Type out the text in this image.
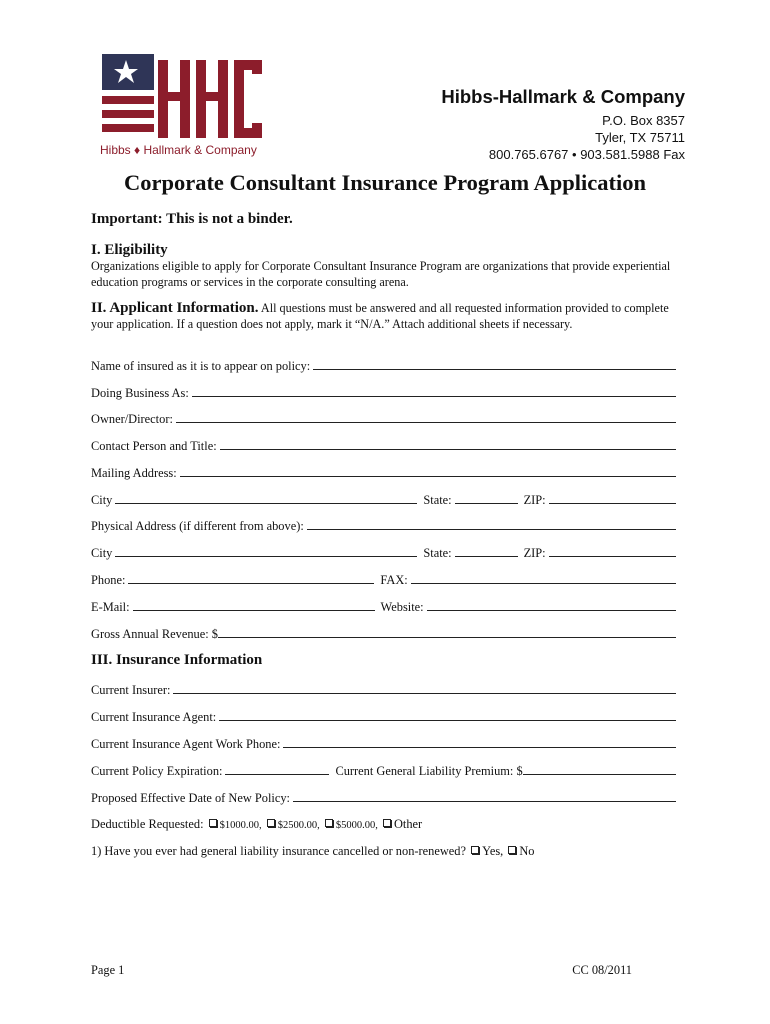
Hibbs ♦ Hallmark & Company
Hibbs-Hallmark & Company
P.O. Box 8357
Tyler, TX 75711
800.765.6767 • 903.581.5988 Fax
Corporate Consultant Insurance Program Application
Important: This is not a binder.
I. Eligibility
Organizations eligible to apply for Corporate Consultant Insurance Program are organizations that provide experiential education programs or services in the corporate consulting arena.
II. Applicant Information. All questions must be answered and all requested information provided to complete your application. If a question does not apply, mark it “N/A.” Attach additional sheets if necessary.
Name of insured as it is to appear on policy:
Doing Business As:
Owner/Director:
Contact Person and Title:
Mailing Address:
City	State:	ZIP:
Physical Address (if different from above):
City	State:	ZIP:
Phone:	FAX:
E-Mail:	Website:
Gross Annual Revenue: $
III. Insurance Information
Current Insurer:
Current Insurance Agent:
Current Insurance Agent Work Phone:
Current Policy Expiration:	Current General Liability Premium: $
Proposed Effective Date of New Policy:
Deductible Requested: $1000.00, $2500.00, $5000.00, Other
1) Have you ever had general liability insurance cancelled or non-renewed? Yes, No
Page 1	CC 08/2011
